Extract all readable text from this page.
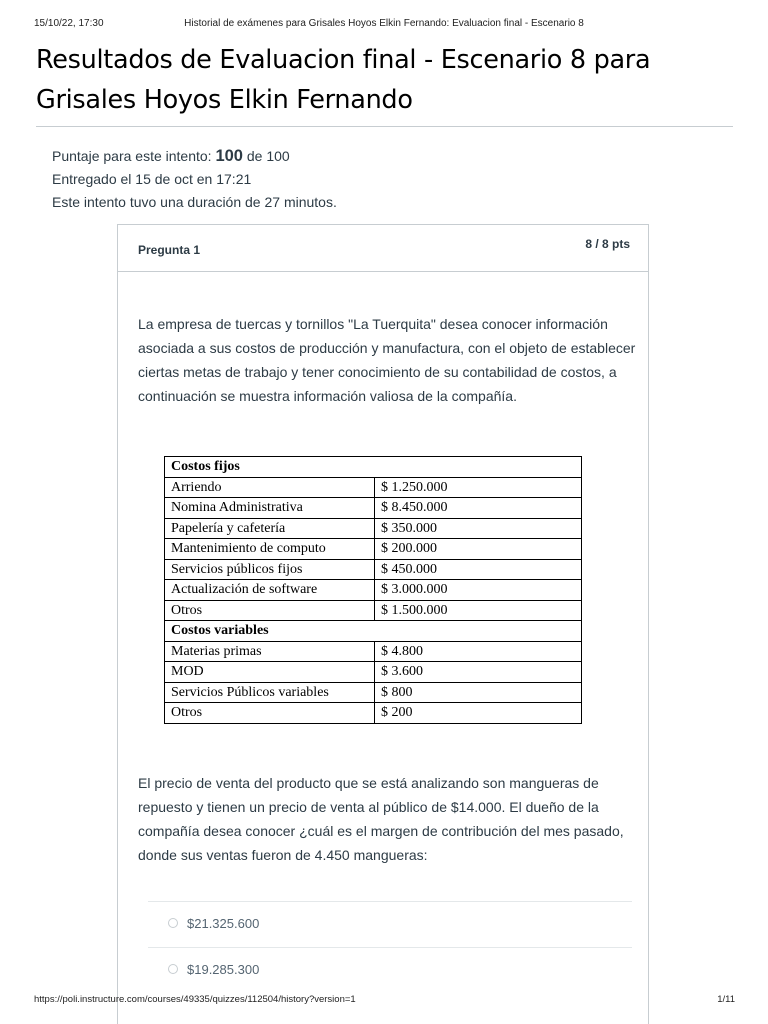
15/10/22, 17:30	Historial de exámenes para Grisales Hoyos Elkin Fernando: Evaluacion final - Escenario 8
Resultados de Evaluacion final - Escenario 8 para
Grisales Hoyos Elkin Fernando
Puntaje para este intento: 100 de 100
Entregado el 15 de oct en 17:21
Este intento tuvo una duración de 27 minutos.
Pregunta 1	8 / 8 pts
La empresa de tuercas y tornillos "La Tuerquita" desea conocer información asociada a sus costos de producción y manufactura, con el objeto de establecer ciertas metas de trabajo y tener conocimiento de su contabilidad de costos, a continuación se muestra información valiosa de la compañía.
Costos fijos	
Arriendo	$ 1.250.000
Nomina Administrativa	$ 8.450.000
Papelería y cafetería	$ 350.000
Mantenimiento de computo	$ 200.000
Servicios públicos fijos	$ 450.000
Actualización de software	$ 3.000.000
Otros	$ 1.500.000
Costos variables	
Materias primas	$ 4.800
MOD	$ 3.600
Servicios Públicos variables	$ 800
Otros	$ 200
El precio de venta del producto que se está analizando son mangueras de repuesto y tienen un precio de venta al público de $14.000. El dueño de la compañía desea conocer ¿cuál es el margen de contribución del mes pasado, donde sus ventas fueron de 4.450 mangueras:
$21.325.600
$19.285.300
https://poli.instructure.com/courses/49335/quizzes/112504/history?version=1	1/11
